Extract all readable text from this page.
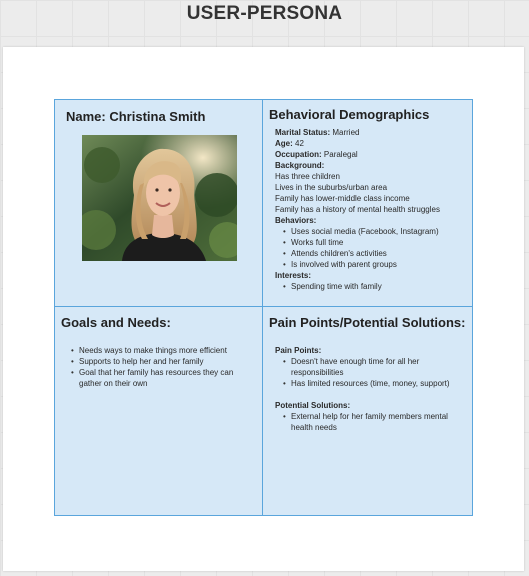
USER-PERSONA
Name: Christina Smith	Behavioral Demographics
Marital Status: Married
Age: 42
Occupation: Paralegal
Background:
Has three children
Lives in the suburbs/urban area
Family has lower-middle class income
Family has a history of mental health struggles
Behaviors:
• Uses social media (Facebook, Instagram)
• Works full time
• Attends children's activities
• Is involved with parent groups
Interests:
• Spending time with family
Goals and Needs:
• Needs ways to make things more efficient
• Supports to help her and her family
• Goal that her family has resources they can gather on their own
Pain Points/Potential Solutions:
Pain Points:
• Doesn't have enough time for all her responsibilities
• Has limited resources (time, money, support)
Potential Solutions:
• External help for her family members mental health needs
